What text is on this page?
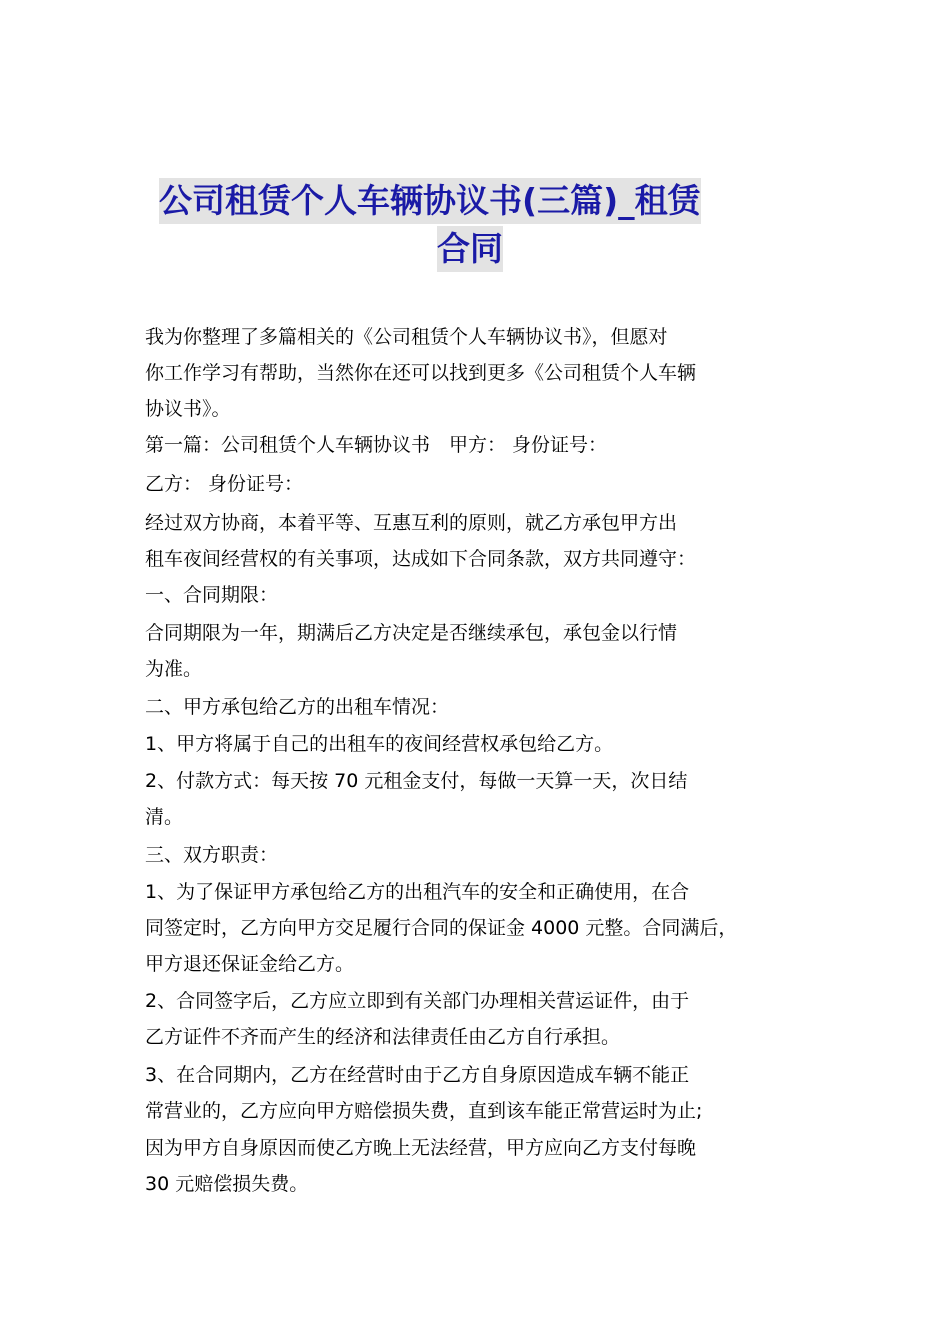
公司租赁个人车辆协议书(三篇)_租赁
合同
我为你整理了多篇相关的《公司租赁个人车辆协议书》，但愿对
你工作学习有帮助，当然你在还可以找到更多《公司租赁个人车辆
协议书》。
第一篇：公司租赁个人车辆协议书　甲方： 身份证号：
乙方： 身份证号：
经过双方协商，本着平等、互惠互利的原则，就乙方承包甲方出
租车夜间经营权的有关事项，达成如下合同条款，双方共同遵守：
一、合同期限：
合同期限为一年，期满后乙方决定是否继续承包，承包金以行情
为准。
二、甲方承包给乙方的出租车情况：
1、甲方将属于自己的出租车的夜间经营权承包给乙方。
2、付款方式：每天按 70 元租金支付，每做一天算一天，次日结
清。
三、双方职责：
1、为了保证甲方承包给乙方的出租汽车的安全和正确使用，在合
同签定时，乙方向甲方交足履行合同的保证金 4000 元整。合同满后，
甲方退还保证金给乙方。
2、合同签字后，乙方应立即到有关部门办理相关营运证件，由于
乙方证件不齐而产生的经济和法律责任由乙方自行承担。
3、在合同期内，乙方在经营时由于乙方自身原因造成车辆不能正
常营业的，乙方应向甲方赔偿损失费，直到该车能正常营运时为止;
因为甲方自身原因而使乙方晚上无法经营，甲方应向乙方支付每晚
30 元赔偿损失费。
